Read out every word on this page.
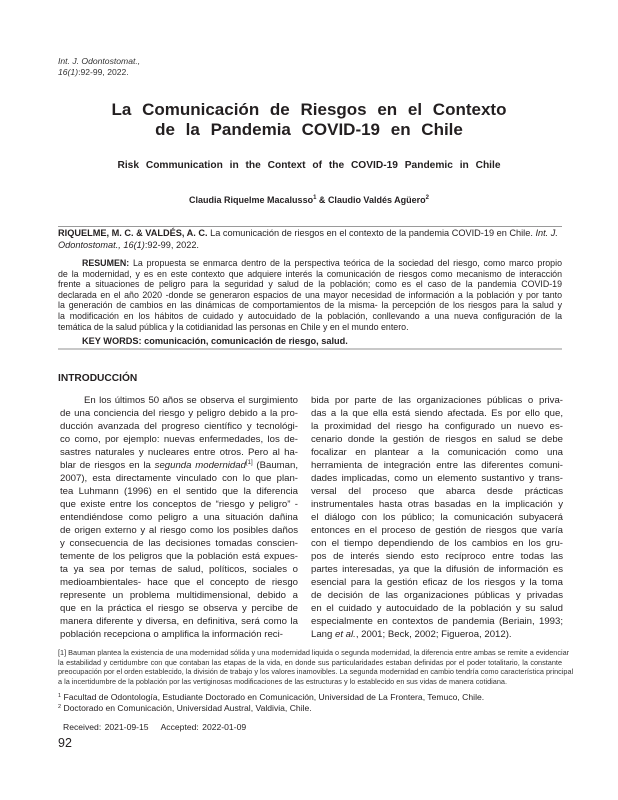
Int. J. Odontostomat.,
16(1):92-99, 2022.
La Comunicación de Riesgos en el Contexto
de la Pandemia COVID-19 en Chile
Risk Communication in the Context of the COVID-19 Pandemic in Chile
Claudia Riquelme Macalusso$^1$ & Claudio Valdés Agüero$^2$
RIQUELME, M. C. & VALDÉS, A. C. La comunicación de riesgos en el contexto de la pandemia COVID-19 en Chile. Int. J. Odontostomat., 16(1):92-99, 2022.
RESUMEN: La propuesta se enmarca dentro de la perspectiva teórica de la sociedad del riesgo, como marco propio
de la modernidad, y es en este contexto que adquiere interés la comunicación de riesgos como mecanismo de interacción
frente a situaciones de peligro para la seguridad y salud de la población; como es el caso de la pandemia COVID-19
declarada en el año 2020 -donde se generaron espacios de una mayor necesidad de información a la población y por tanto
la generación de cambios en las dinámicas de comportamientos de la misma- la percepción de los riesgos para la salud y
la modificación en los hábitos de cuidado y autocuidado de la población, conllevando a una nueva configuración de la
temática de la salud pública y la cotidianidad las personas en Chile y en el mundo entero.
KEY WORDS: comunicación, comunicación de riesgo, salud.
INTRODUCCIÓN
En los últimos 50 años se observa el surgimiento
de una conciencia del riesgo y peligro debido a la pro-
ducción avanzada del progreso científico y tecnológi-
co como, por ejemplo: nuevas enfermedades, los de-
sastres naturales y nucleares entre otros. Pero al ha-
blar de riesgos en la segunda modernidad[1] (Bauman,
2007), esta directamente vinculado con lo que plan-
tea Luhmann (1996) en el sentido que la diferencia
que existe entre los conceptos de “riesgo y peligro” -
entendiéndose como peligro a una situación dañina
de origen externo y al riesgo como los posibles daños
y consecuencia de las decisiones tomadas conscien-
temente de los peligros que la población está expues-
ta ya sea por temas de salud, políticos, sociales o
medioambientales- hace que el concepto de riesgo
represente un problema multidimensional, debido a
que en la práctica el riesgo se observa y percibe de
manera diferente y diversa, en definitiva, será como la
población recepciona o amplifica la información reci-
bida por parte de las organizaciones públicas o priva-
das a la que ella está siendo afectada. Es por ello que,
la proximidad del riesgo ha configurado un nuevo es-
cenario donde la gestión de riesgos en salud se debe
focalizar en plantear a la comunicación como una
herramienta de integración entre las diferentes comuni-
dades implicadas, como un elemento sustantivo y trans-
versal del proceso que abarca desde prácticas
instrumentales hasta otras basadas en la implicación y
el diálogo con los público; la comunicación subyacerá
entonces en el proceso de gestión de riesgos que varía
con el tiempo dependiendo de los cambios en los gru-
pos de interés siendo esto recíproco entre todas las
partes interesadas, ya que la difusión de información es
esencial para la gestión eficaz de los riesgos y la toma
de decisión de las organizaciones públicas y privadas
en el cuidado y autocuidado de la población y su salud
especialmente en contextos de pandemia (Beriain, 1993;
Lang et al., 2001; Beck, 2002; Figueroa, 2012).
[1] Bauman plantea la existencia de una modernidad sólida y una modernidad liquida o segunda modernidad, la diferencia entre ambas se remite a evidenciar
la estabilidad y certidumbre con que contaban las etapas de la vida, en donde sus particularidades estaban definidas por el poder totalitario, la constante
preocupación por el orden establecido, la división de trabajo y los valores inamovibles. La segunda modernidad en cambio tendría como característica principal
a la incertidumbre de la población por las vertiginosas modificaciones de las estructuras y lo establecido en sus vidas de manera cotidiana.
$^1$ Facultad de Odontología, Estudiante Doctorado en Comunicación, Universidad de La Frontera, Temuco, Chile.
$^2$ Doctorado en Comunicación, Universidad Austral, Valdivia, Chile.
Received: 2021-09-15 Accepted: 2022-01-09
92
